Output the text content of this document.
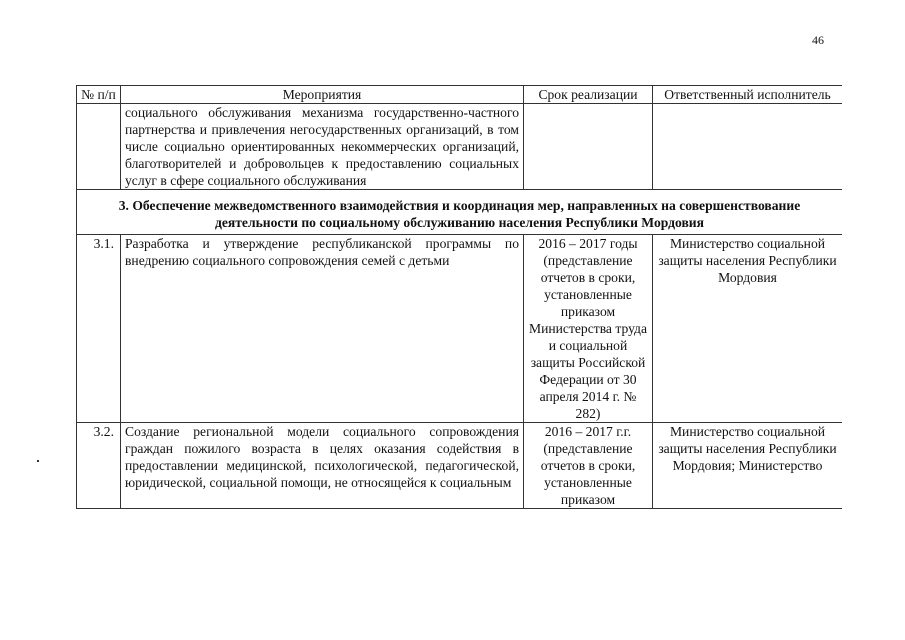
46
№ п/п	Мероприятия	Срок реализации	Ответственный исполнитель
	социального обслуживания механизма государственно-частного партнерства и привлечения негосударственных организаций, в том числе социально ориентированных некоммерческих организаций, благотворителей и добровольцев к предоставлению социальных услуг в сфере социального обслуживания		
3. Обеспечение межведомственного взаимодействия и координация мер, направленных на совершенствование деятельности по социальному обслуживанию населения Республики Мордовия			
3.1.	Разработка и утверждение республиканской программы по внедрению социального сопровождения семей с детьми	2016 – 2017 годы (представление отчетов в сроки, установленные приказом Министерства труда и социальной защиты Российской Федерации от 30 апреля 2014 г. № 282)	Министерство социальной защиты населения Республики Мордовия
3.2.	Создание региональной модели социального сопровождения граждан пожилого возраста в целях оказания содействия в предоставлении медицинской, психологической, педагогической, юридической, социальной помощи, не относящейся к социальным	2016 – 2017 г.г. (представление отчетов в сроки, установленные приказом	Министерство социальной защиты населения Республики Мордовия; Министерство
